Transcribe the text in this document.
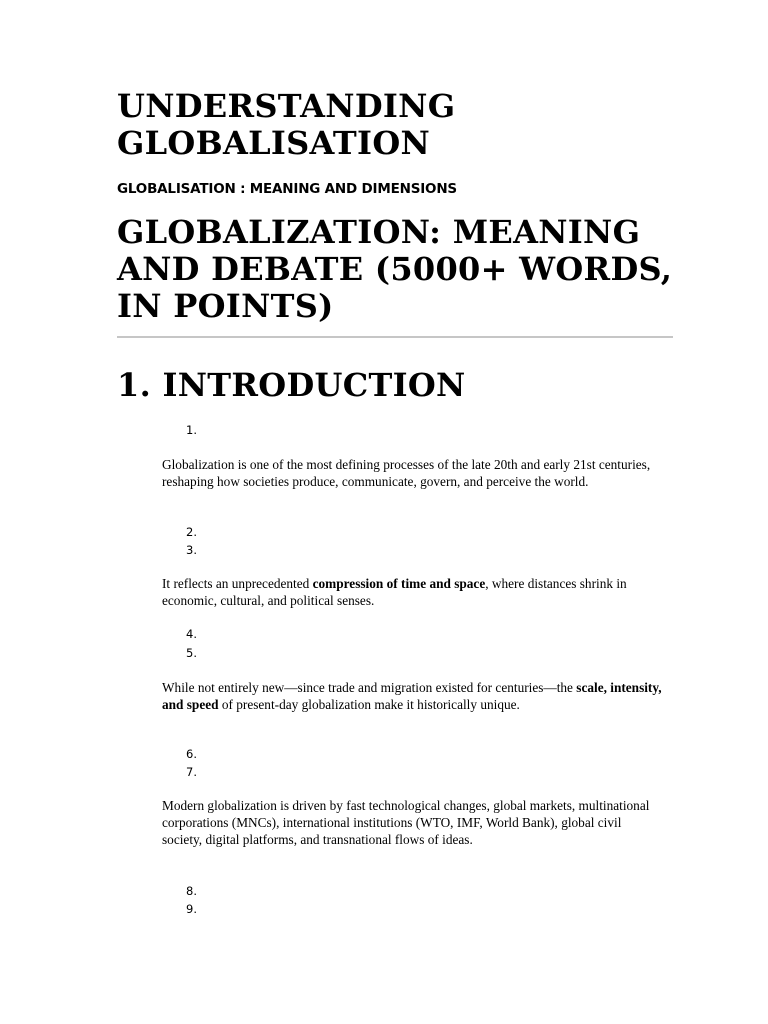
UNDERSTANDING GLOBALISATION
GLOBALISATION : MEANING AND DIMENSIONS
GLOBALIZATION: MEANING AND DEBATE (5000+ WORDS, IN POINTS)
1. INTRODUCTION
1.

Globalization is one of the most defining processes of the late 20th and early 21st centuries, reshaping how societies produce, communicate, govern, and perceive the world.

2.
3.

It reflects an unprecedented compression of time and space, where distances shrink in economic, cultural, and political senses.

4.
5.

While not entirely new—since trade and migration existed for centuries—the scale, intensity, and speed of present-day globalization make it historically unique.

6.
7.

Modern globalization is driven by fast technological changes, global markets, multinational corporations (MNCs), international institutions (WTO, IMF, World Bank), global civil society, digital platforms, and transnational flows of ideas.

8.
9.
